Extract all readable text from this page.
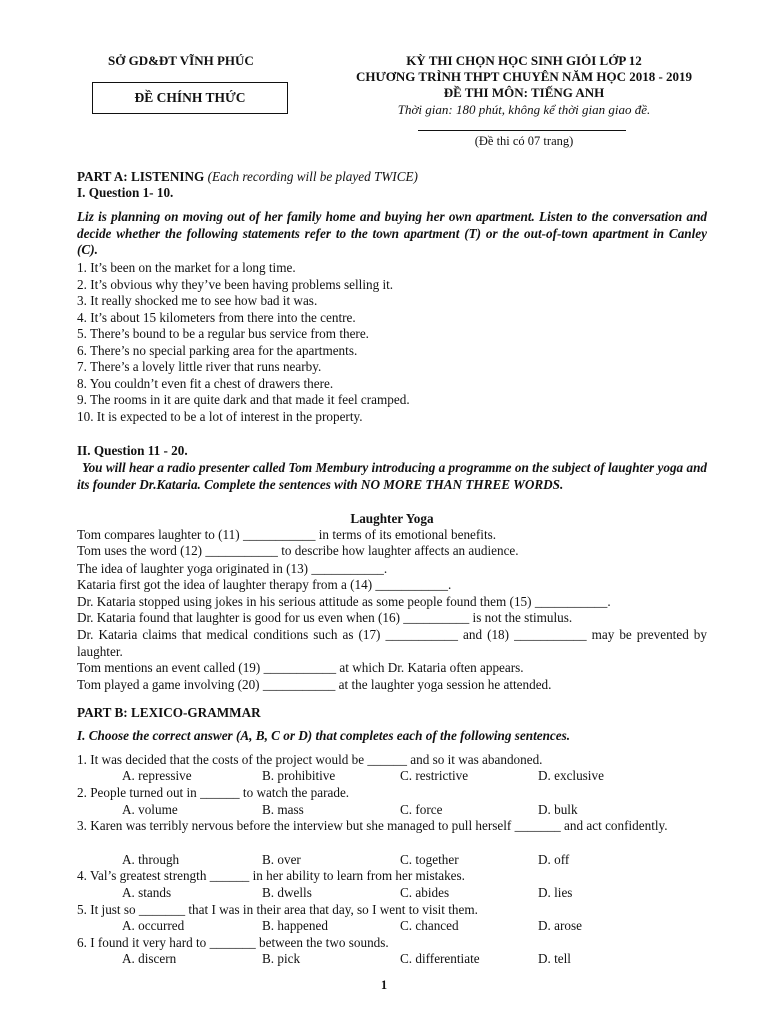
SỞ GD&ĐT VĨNH PHÚC
ĐỀ CHÍNH THỨC
KỲ THI CHỌN HỌC SINH GIỎI LỚP 12
CHƯƠNG TRÌNH THPT CHUYÊN NĂM HỌC 2018 - 2019
ĐỀ THI MÔN: TIẾNG ANH
Thời gian: 180 phút, không kể thời gian giao đề.
(Đề thi có 07 trang)
PART A: LISTENING (Each recording will be played TWICE)
I. Question 1- 10.
Liz is planning on moving out of her family home and buying her own apartment. Listen to the conversation and decide whether the following statements refer to the town apartment (T) or the out-of-town apartment in Canley (C).
1. It’s been on the market for a long time.
2. It’s obvious why they’ve been having problems selling it.
3. It really shocked me to see how bad it was.
4. It’s about 15 kilometers from there into the centre.
5. There’s bound to be a regular bus service from there.
6. There’s no special parking area for the apartments.
7. There’s a lovely little river that runs nearby.
8. You couldn’t even fit a chest of drawers there.
9. The rooms in it are quite dark and that made it feel cramped.
10. It is expected to be a lot of interest in the property.
II. Question 11 - 20.
You will hear a radio presenter called Tom Membury introducing a programme on the subject of laughter yoga and its founder Dr.Kataria. Complete the sentences with NO MORE THAN THREE WORDS.
Laughter Yoga
Tom compares laughter to (11) ___________ in terms of its emotional benefits.
Tom uses the word (12) ___________ to describe how laughter affects an audience.
The idea of laughter yoga originated in (13) ___________.
Kataria first got the idea of laughter therapy from a (14) ___________.
Dr. Kataria stopped using jokes in his serious attitude as some people found them (15) ___________.
Dr. Kataria found that laughter is good for us even when (16) __________ is not the stimulus.
Dr. Kataria claims that medical conditions such as (17) ___________ and (18) ___________ may be prevented by laughter.
Tom mentions an event called (19) ___________ at which Dr. Kataria often appears.
Tom played a game involving (20) ___________ at the laughter yoga session he attended.
PART B: LEXICO-GRAMMAR
I. Choose the correct answer (A, B, C or D) that completes each of the following sentences.
1. It was decided that the costs of the project would be ______ and so it was abandoned.
A. repressive	B. prohibitive	C. restrictive	D. exclusive
2. People turned out in ______ to watch the parade.
A. volume	B. mass	C. force	D. bulk
3. Karen was terribly nervous before the interview but she managed to pull herself _______ and act confidently.
A. through	B. over	C. together	D. off
4. Val’s greatest strength ______ in her ability to learn from her mistakes.
A. stands	B. dwells	C. abides	D. lies
5. It just so _______ that I was in their area that day, so I went to visit them.
A. occurred	B. happened	C. chanced	D. arose
6. I found it very hard to _______ between the two sounds.
A. discern	B. pick	C. differentiate	D. tell
1
